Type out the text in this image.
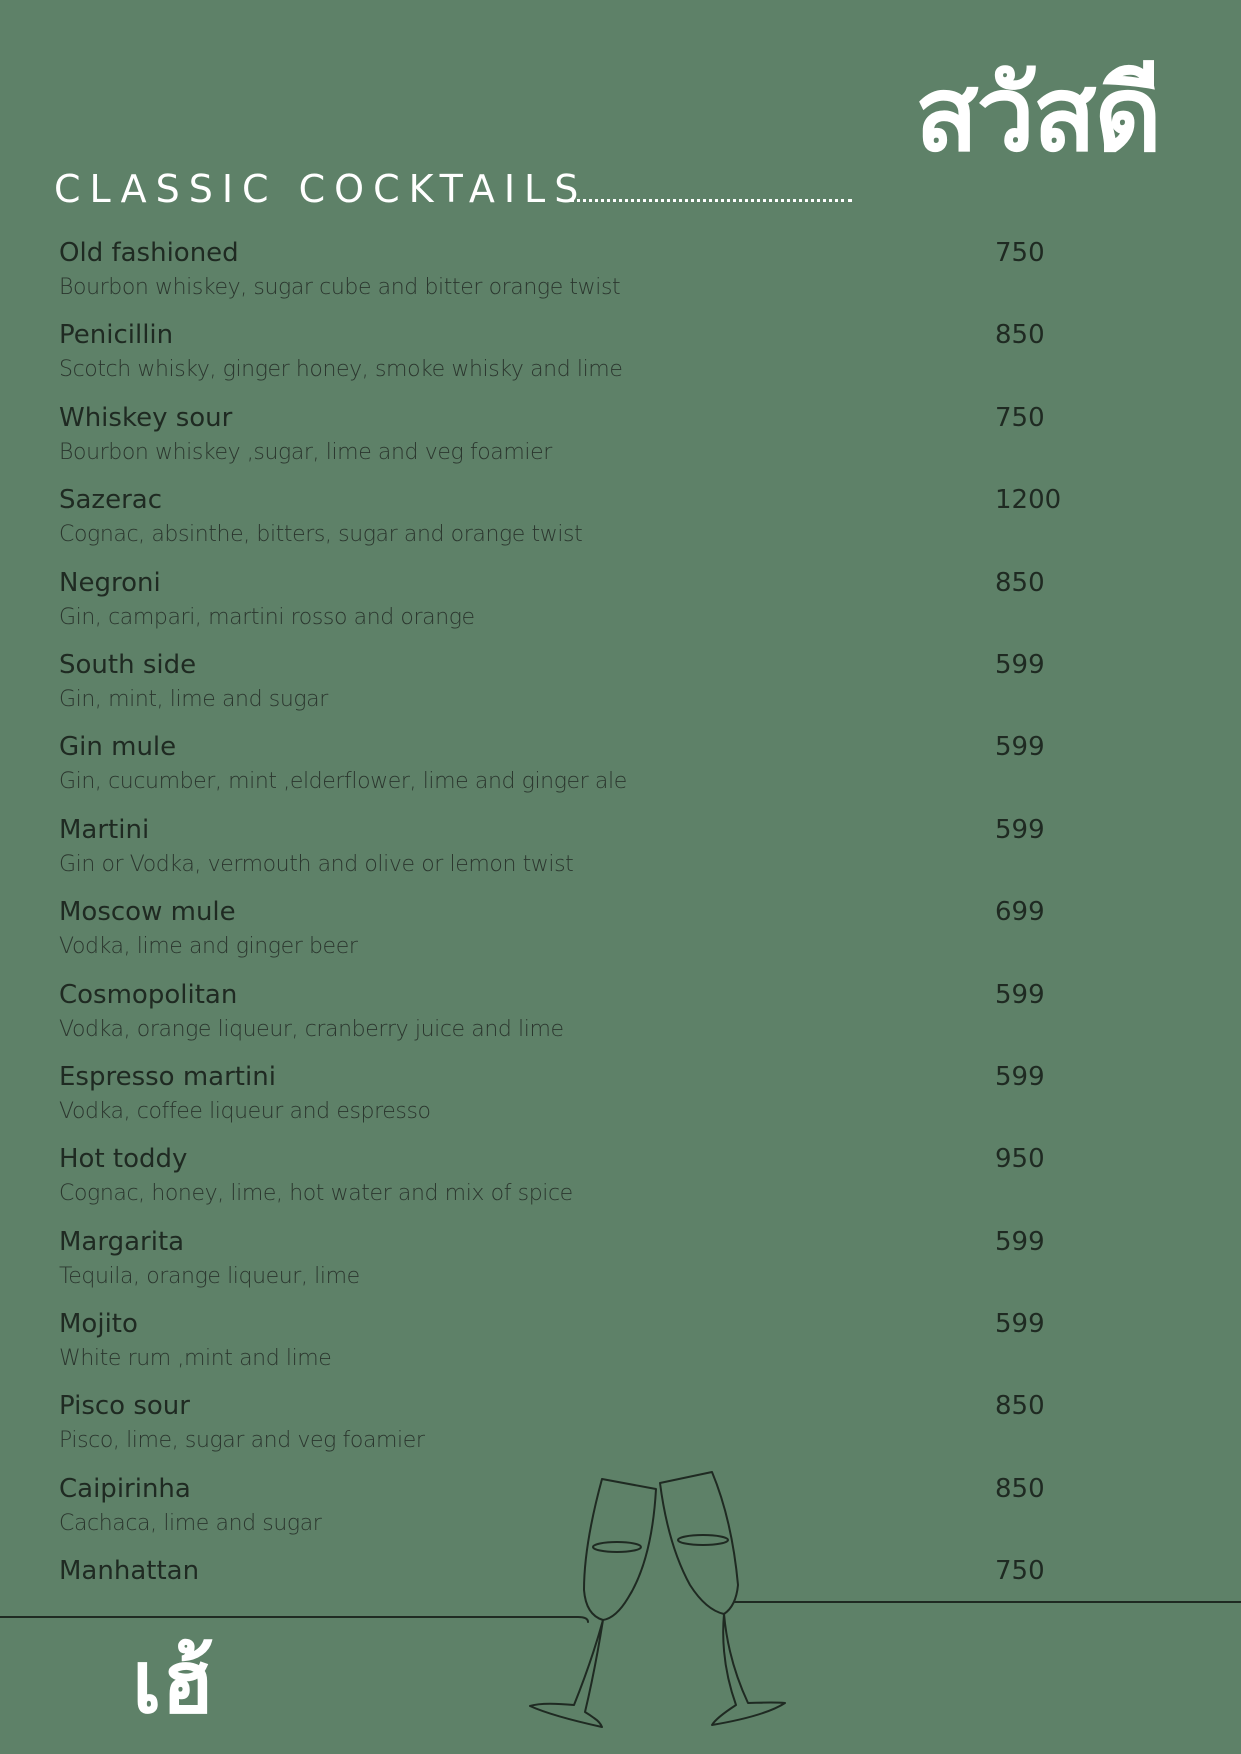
สวัสดี
CLASSIC COCKTAILS
Old fashioned
Bourbon whiskey, sugar cube and bitter orange twist
750
Penicillin
Scotch whisky, ginger honey, smoke whisky and lime
850
Whiskey sour
Bourbon whiskey ,sugar, lime and veg foamier
750
Sazerac
Cognac, absinthe, bitters, sugar and orange twist
1200
Negroni
Gin, campari, martini rosso and orange
850
South side
Gin, mint, lime and sugar
599
Gin mule
Gin, cucumber, mint ,elderflower, lime and ginger ale
599
Martini
Gin or Vodka, vermouth and olive or lemon twist
599
Moscow mule
Vodka, lime and ginger beer
699
Cosmopolitan
Vodka, orange liqueur, cranberry juice and lime
599
Espresso martini
Vodka, coffee liqueur and espresso
599
Hot toddy
Cognac, honey, lime, hot water and mix of spice
950
Margarita
Tequila, orange liqueur, lime
599
Mojito
White rum ,mint and lime
599
Pisco sour
Pisco, lime, sugar and veg foamier
850
Caipirinha
Cachaca, lime and sugar
850
Manhattan	750
เฮ้
